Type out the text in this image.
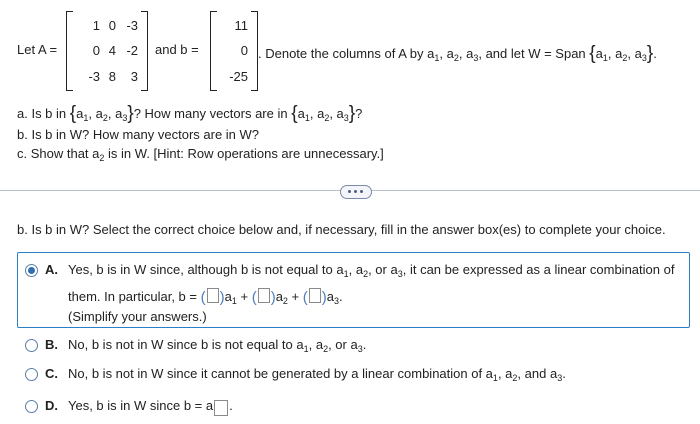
Let A =
1 0 -3
0 4 -2
-3 8	3
and b =
11
0
-25
. Denote the columns of A by $a_1$, $a_2$, $a_3$, and let W = Span {$a_1$, $a_2$, $a_3$}.
a. Is b in {$a_1$, $a_2$, $a_3$}? How many vectors are in {$a_1$, $a_2$, $a_3$}?
b. Is b in W? How many vectors are in W?
c. Show that $a_2$ is in W. [Hint: Row operations are unnecessary.]
b. Is b in W? Select the correct choice below and, if necessary, fill in the answer box(es) to complete your choice.
A. Yes, b is in W since, although b is not equal to $a_1$, $a_2$, or $a_3$, it can be expressed as a linear combination of
them. In particular, b = ( )$a_1$ + ( )$a_2$ + ( )$a_3$.
(Simplify your answers.)
B. No, b is not in W since b is not equal to $a_1$, $a_2$, or $a_3$.
C. No, b is not in W since it cannot be generated by a linear combination of $a_1$, $a_2$, and $a_3$.
D. Yes, b is in W since b = a .
